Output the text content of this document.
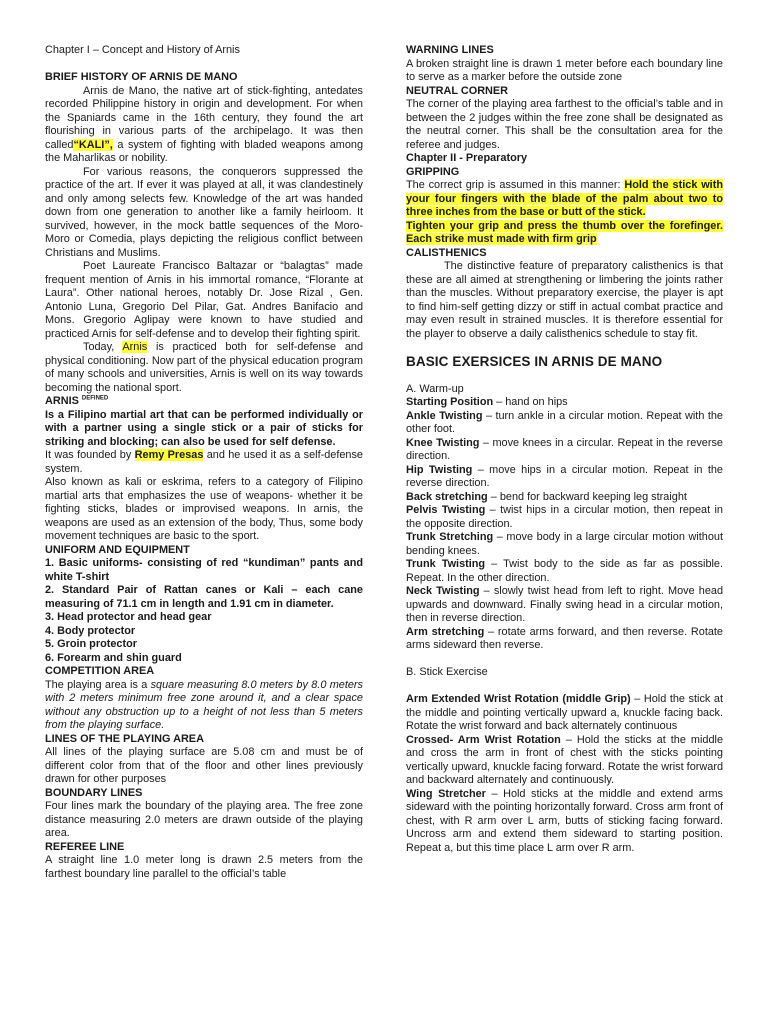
Chapter I – Concept and History of Arnis

BRIEF HISTORY OF ARNIS DE MANO

Arnis de Mano, the native art of stick-fighting, antedates recorded Philippine history in origin and development. For when the Spaniards came in the 16th century, they found the art flourishing in various parts of the archipelago. It was then called“KALI”, a system of fighting with bladed weapons among the Maharlikas or nobility.

For various reasons, the conquerors suppressed the practice of the art. If ever it was played at all, it was clandestinely and only among selects few. Knowledge of the art was handed down from one generation to another like a family heirloom. It survived, however, in the mock battle sequences of the Moro-Moro or Comedia, plays depicting the religious conflict between Christians and Muslims.

Poet Laureate Francisco Baltazar or “balagtas” made frequent mention of Arnis in his immortal romance, “Florante at Laura”. Other national heroes, notably Dr. Jose Rizal , Gen. Antonio Luna, Gregorio Del Pilar, Gat. Andres Banifacio and Mons. Gregorio Aglipay were known to have studied and practiced Arnis for self-defense and to develop their fighting spirit.

Today, Arnis is practiced both for self-defense and physical conditioning. Now part of the physical education program of many schools and universities, Arnis is well on its way towards becoming the national sport.

ARNIS $^{DEFINED}$

Is a Filipino martial art that can be performed individually or with a partner using a single stick or a pair of sticks for striking and blocking; can also be used for self defense.

It was founded by Remy Presas and he used it as a self-defense system.

Also known as kali or eskrima, refers to a category of Filipino martial arts that emphasizes the use of weapons- whether it be fighting sticks, blades or improvised weapons. In arnis, the weapons are used as an extension of the body, Thus, some body movement techniques are basic to the sport.

UNIFORM AND EQUIPMENT

1. Basic uniforms- consisting of red “kundiman” pants and white T-shirt

2. Standard Pair of Rattan canes or Kali – each cane measuring of 71.1 cm in length and 1.91 cm in diameter.

3. Head protector and head gear

4. Body protector

5. Groin protector

6. Forearm and shin guard

COMPETITION AREA

The playing area is a square measuring 8.0 meters by 8.0 meters with 2 meters minimum free zone around it, and a clear space without any obstruction up to a height of not less than 5 meters from the playing surface.

LINES OF THE PLAYING AREA

All lines of the playing surface are 5.08 cm and must be of different color from that of the floor and other lines previously drawn for other purposes

BOUNDARY LINES

Four lines mark the boundary of the playing area. The free zone distance measuring 2.0 meters are drawn outside of the playing area.

REFEREE LINE

A straight line 1.0 meter long is drawn 2.5 meters from the farthest boundary line parallel to the official’s table

WARNING LINES

A broken straight line is drawn 1 meter before each boundary line to serve as a marker before the outside zone

NEUTRAL CORNER

The corner of the playing area farthest to the official’s table and in between the 2 judges within the free zone shall be designated as the neutral corner. This shall be the consultation area for the referee and judges.

Chapter II - Preparatory

GRIPPING

The correct grip is assumed in this manner: Hold the stick with your four fingers with the blade of the palm about two to three inches from the base or butt of the stick.

Tighten your grip and press the thumb over the forefinger. Each strike must made with firm grip

CALISTHENICS

The distinctive feature of preparatory calisthenics is that these are all aimed at strengthening or limbering the joints rather than the muscles. Without preparatory exercise, the player is apt to find him-self getting dizzy or stiff in actual combat practice and may even result in strained muscles. It is therefore essential for the player to observe a daily calisthenics schedule to stay fit.

BASIC EXERSICES IN ARNIS DE MANO

A. Warm-up

Starting Position – hand on hips

Ankle Twisting – turn ankle in a circular motion. Repeat with the other foot.

Knee Twisting – move knees in a circular. Repeat in the reverse direction.

Hip Twisting – move hips in a circular motion. Repeat in the reverse direction.

Back stretching – bend for backward keeping leg straight

Pelvis Twisting – twist hips in a circular motion, then repeat in the opposite direction.

Trunk Stretching – move body in a large circular motion without bending knees.

Trunk Twisting – Twist body to the side as far as possible. Repeat. In the other direction.

Neck Twisting – slowly twist head from left to right. Move head upwards and downward. Finally swing head in a circular motion, then in reverse direction.

Arm stretching – rotate arms forward, and then reverse. Rotate arms sideward then reverse.

B. Stick Exercise

Arm Extended Wrist Rotation (middle Grip) – Hold the stick at the middle and pointing vertically upward a, knuckle facing back. Rotate the wrist forward and back alternately continuous

Crossed- Arm Wrist Rotation – Hold the sticks at the middle and cross the arm in front of chest with the sticks pointing vertically upward, knuckle facing forward. Rotate the wrist forward and backward alternately and continuously.

Wing Stretcher – Hold sticks at the middle and extend arms sideward with the pointing horizontally forward. Cross arm front of chest, with R arm over L arm, butts of sticking facing forward. Uncross arm and extend them sideward to starting position. Repeat a, but this time place L arm over R arm.
